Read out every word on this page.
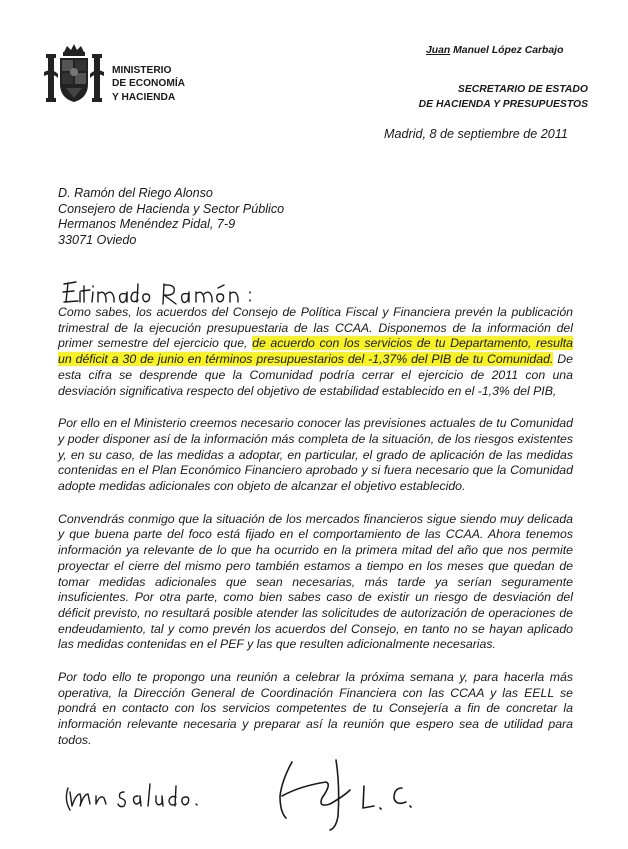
MINISTERIO
DE ECONOMÍA
Y HACIENDA
Juan Manuel López Carbajo
SECRETARIO DE ESTADO
DE HACIENDA Y PRESUPUESTOS
Madrid, 8 de septiembre de 2011
D. Ramón del Riego Alonso
Consejero de Hacienda y Sector Público
Hermanos Menéndez Pidal, 7-9
33071 Oviedo

Como sabes, los acuerdos del Consejo de Política Fiscal y Financiera prevén la publicación trimestral de la ejecución presupuestaria de las CCAA. Disponemos de la información del primer semestre del ejercicio que, de acuerdo con los servicios de tu Departamento, resulta un déficit a 30 de junio en términos presupuestarios del -1,37% del PIB de tu Comunidad. De esta cifra se desprende que la Comunidad podría cerrar el ejercicio de 2011 con una desviación significativa respecto del objetivo de estabilidad establecido en el -1,3% del PIB,

Por ello en el Ministerio creemos necesario conocer las previsiones actuales de tu Comunidad y poder disponer así de la información más completa de la situación, de los riesgos existentes y, en su caso, de las medidas a adoptar, en particular, el grado de aplicación de las medidas contenidas en el Plan Económico Financiero aprobado y si fuera necesario que la Comunidad adopte medidas adicionales con objeto de alcanzar el objetivo establecido.

Convendrás conmigo que la situación de los mercados financieros sigue siendo muy delicada y que buena parte del foco está fijado en el comportamiento de las CCAA. Ahora tenemos información ya relevante de lo que ha ocurrido en la primera mitad del año que nos permite proyectar el cierre del mismo pero también estamos a tiempo en los meses que quedan de tomar medidas adicionales que sean necesarias, más tarde ya serían seguramente insuficientes. Por otra parte, como bien sabes caso de existir un riesgo de desviación del déficit previsto, no resultará posible atender las solicitudes de autorización de operaciones de endeudamiento, tal y como prevén los acuerdos del Consejo, en tanto no se hayan aplicado las medidas contenidas en el PEF y las que resulten adicionalmente necesarias.

Por todo ello te propongo una reunión a celebrar la próxima semana y, para hacerla más operativa, la Dirección General de Coordinación Financiera con las CCAA y las EELL se pondrá en contacto con los servicios competentes de tu Consejería a fin de concretar la información relevante necesaria y preparar así la reunión que espero sea de utilidad para todos.
